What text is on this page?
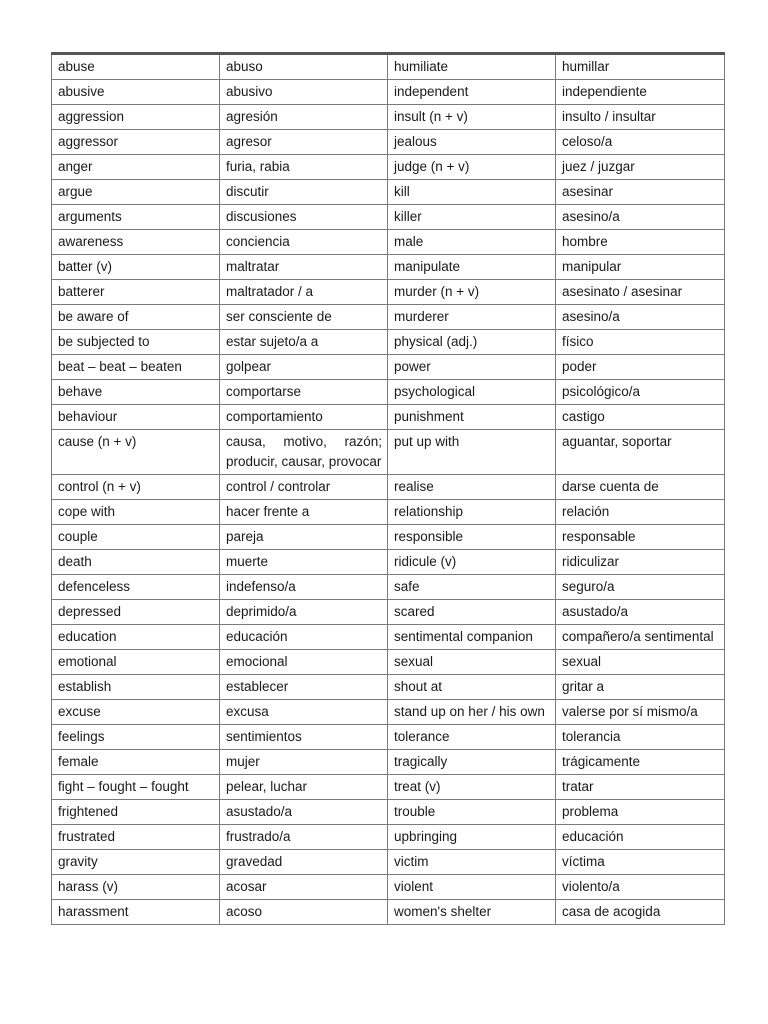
abuse	abuso	humiliate	humillar
abusive	abusivo	independent	independiente
aggression	agresión	insult (n + v)	insulto / insultar
aggressor	agresor	jealous	celoso/a
anger	furia, rabia	judge (n + v)	juez / juzgar
argue	discutir	kill	asesinar
arguments	discusiones	killer	asesino/a
awareness	conciencia	male	hombre
batter (v)	maltratar	manipulate	manipular
batterer	maltratador / a	murder (n + v)	asesinato / asesinar
be aware of	ser consciente de	murderer	asesino/a
be subjected to	estar sujeto/a a	physical (adj.)	físico
beat – beat – beaten	golpear	power	poder
behave	comportarse	psychological	psicológico/a
behaviour	comportamiento	punishment	castigo
cause (n + v)	causa, motivo, razón; producir, causar, provocar	put up with	aguantar, soportar
control (n + v)	control / controlar	realise	darse cuenta de
cope with	hacer frente a	relationship	relación
couple	pareja	responsible	responsable
death	muerte	ridicule (v)	ridiculizar
defenceless	indefenso/a	safe	seguro/a
depressed	deprimido/a	scared	asustado/a
education	educación	sentimental companion	compañero/a sentimental
emotional	emocional	sexual	sexual
establish	establecer	shout at	gritar a
excuse	excusa	stand up on her / his own	valerse por sí mismo/a
feelings	sentimientos	tolerance	tolerancia
female	mujer	tragically	trágicamente
fight – fought – fought	pelear, luchar	treat (v)	tratar
frightened	asustado/a	trouble	problema
frustrated	frustrado/a	upbringing	educación
gravity	gravedad	victim	víctima
harass (v)	acosar	violent	violento/a
harassment	acoso	women's shelter	casa de acogida
